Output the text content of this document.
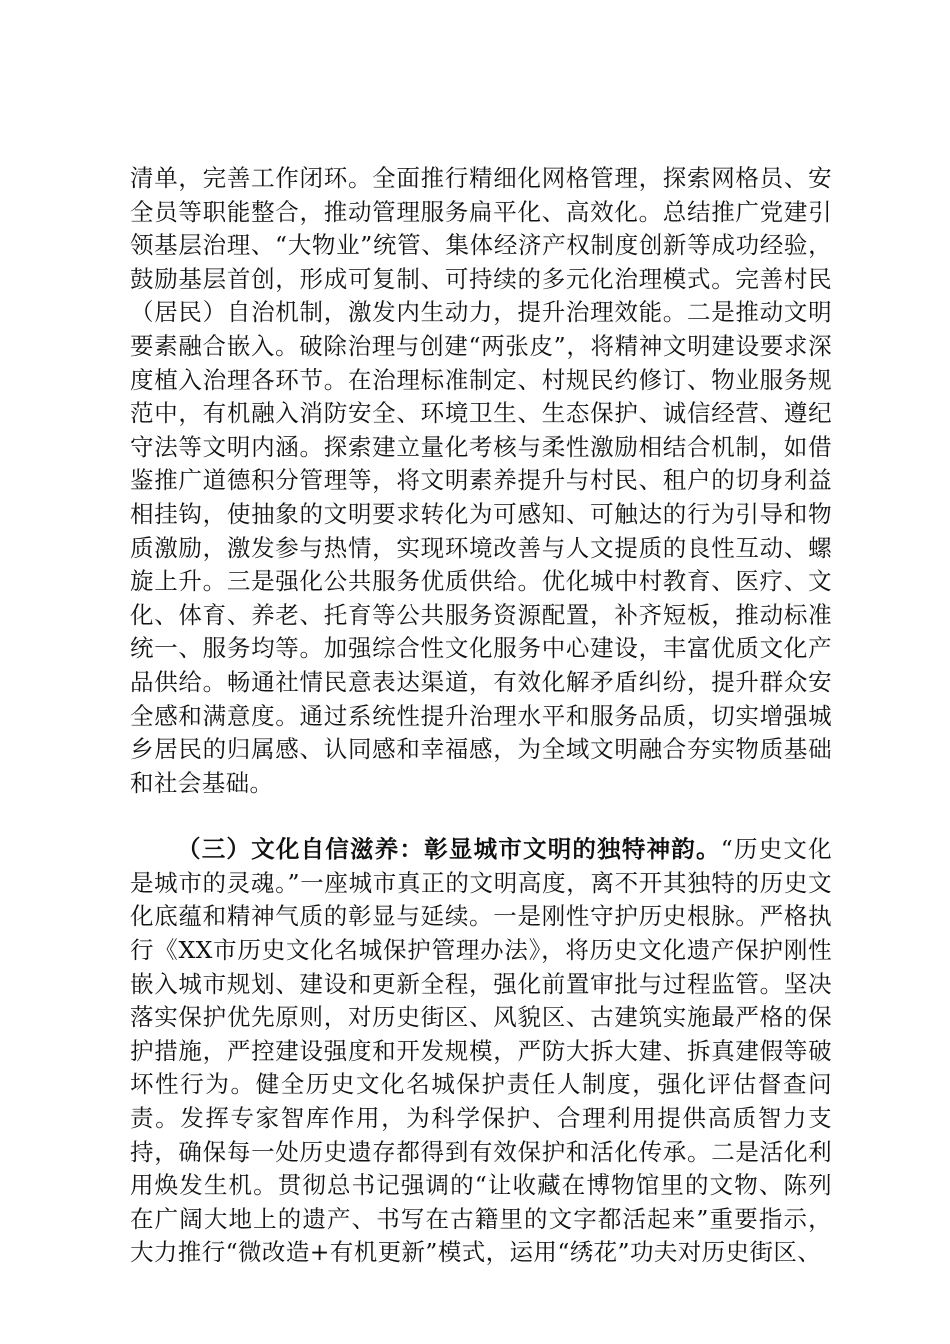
清单，完善工作闭环。全面推行精细化网格管理，探索网格员、安全员等职能整合，推动管理服务扁平化、高效化。总结推广党建引领基层治理、“大物业”统管、集体经济产权制度创新等成功经验，鼓励基层首创，形成可复制、可持续的多元化治理模式。完善村民（居民）自治机制，激发内生动力，提升治理效能。二是推动文明要素融合嵌入。破除治理与创建“两张皮”，将精神文明建设要求深度植入治理各环节。在治理标准制定、村规民约修订、物业服务规范中，有机融入消防安全、环境卫生、生态保护、诚信经营、遵纪守法等文明内涵。探索建立量化考核与柔性激励相结合机制，如借鉴推广道德积分管理等，将文明素养提升与村民、租户的切身利益相挂钩，使抽象的文明要求转化为可感知、可触达的行为引导和物质激励，激发参与热情，实现环境改善与人文提质的良性互动、螺旋上升。三是强化公共服务优质供给。优化城中村教育、医疗、文化、体育、养老、托育等公共服务资源配置，补齐短板，推动标准统一、服务均等。加强综合性文化服务中心建设，丰富优质文化产品供给。畅通社情民意表达渠道，有效化解矛盾纠纷，提升群众安全感和满意度。通过系统性提升治理水平和服务品质，切实增强城乡居民的归属感、认同感和幸福感，为全域文明融合夯实物质基础和社会基础。

（三）文化自信滋养：彰显城市文明的独特神韵。“历史文化是城市的灵魂。”一座城市真正的文明高度，离不开其独特的历史文化底蕴和精神气质的彰显与延续。一是刚性守护历史根脉。严格执行《XX市历史文化名城保护管理办法》，将历史文化遗产保护刚性嵌入城市规划、建设和更新全程，强化前置审批与过程监管。坚决落实保护优先原则，对历史街区、风貌区、古建筑实施最严格的保护措施，严控建设强度和开发规模，严防大拆大建、拆真建假等破坏性行为。健全历史文化名城保护责任人制度，强化评估督查问责。发挥专家智库作用，为科学保护、合理利用提供高质智力支持，确保每一处历史遗存都得到有效保护和活化传承。二是活化利用焕发生机。贯彻总书记强调的“让收藏在博物馆里的文物、陈列在广阔大地上的遗产、书写在古籍里的文字都活起来”重要指示，大力推行“微改造+有机更新”模式，运用“绣花”功夫对历史街区、
